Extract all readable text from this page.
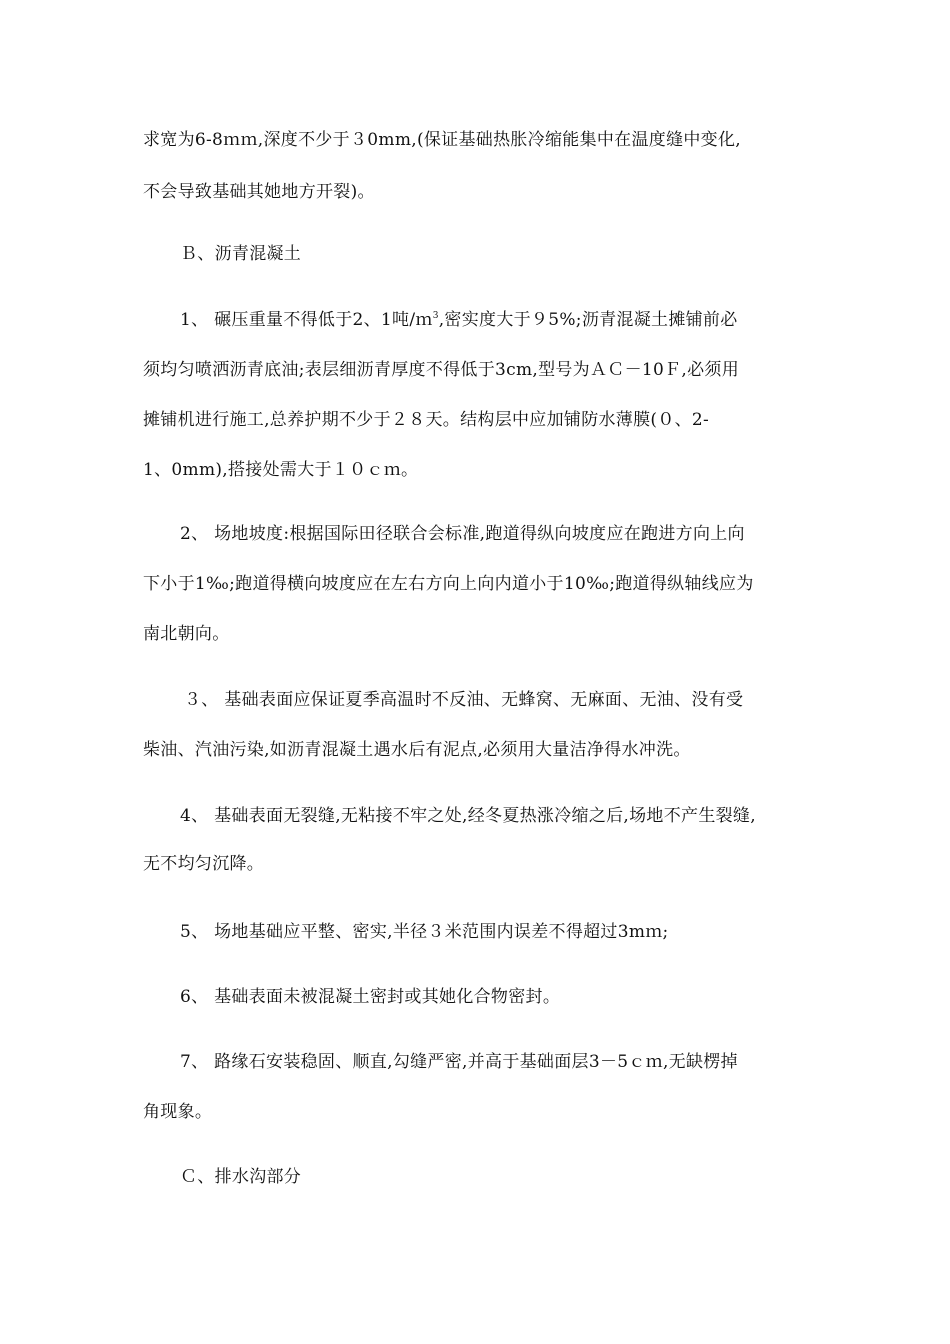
求宽为6-8ｍｍ,深度不少于３0mm,(保证基础热胀冷缩能集中在温度缝中变化,
不会导致基础其她地方开裂)。
Ｂ、沥青混凝土
1、 碾压重量不得低于2、1吨/ｍ$^3$,密实度大于９5%;沥青混凝土摊铺前必
须均匀喷洒沥青底油;表层细沥青厚度不得低于3cm,型号为ＡＣ－10Ｆ,必须用
摊铺机进行施工,总养护期不少于２８天。结构层中应加铺防水薄膜(０、2-
1、0mm),搭接处需大于１０ｃｍ。
2、 场地坡度:根据国际田径联合会标准,跑道得纵向坡度应在跑进方向上向
下小于1‰;跑道得横向坡度应在左右方向上向内道小于10‰;跑道得纵轴线应为
南北朝向。
３、 基础表面应保证夏季高温时不反油、无蜂窝、无麻面、无油、没有受
柴油、汽油污染,如沥青混凝土遇水后有泥点,必须用大量洁净得水冲洗。
4、 基础表面无裂缝,无粘接不牢之处,经冬夏热涨冷缩之后,场地不产生裂缝,
无不均匀沉降。
5、 场地基础应平整、密实,半径３米范围内误差不得超过3mｍ;
6、 基础表面未被混凝土密封或其她化合物密封。
7、 路缘石安装稳固、顺直,勾缝严密,并高于基础面层3－5ｃｍ,无缺楞掉
角现象。
Ｃ、排水沟部分
